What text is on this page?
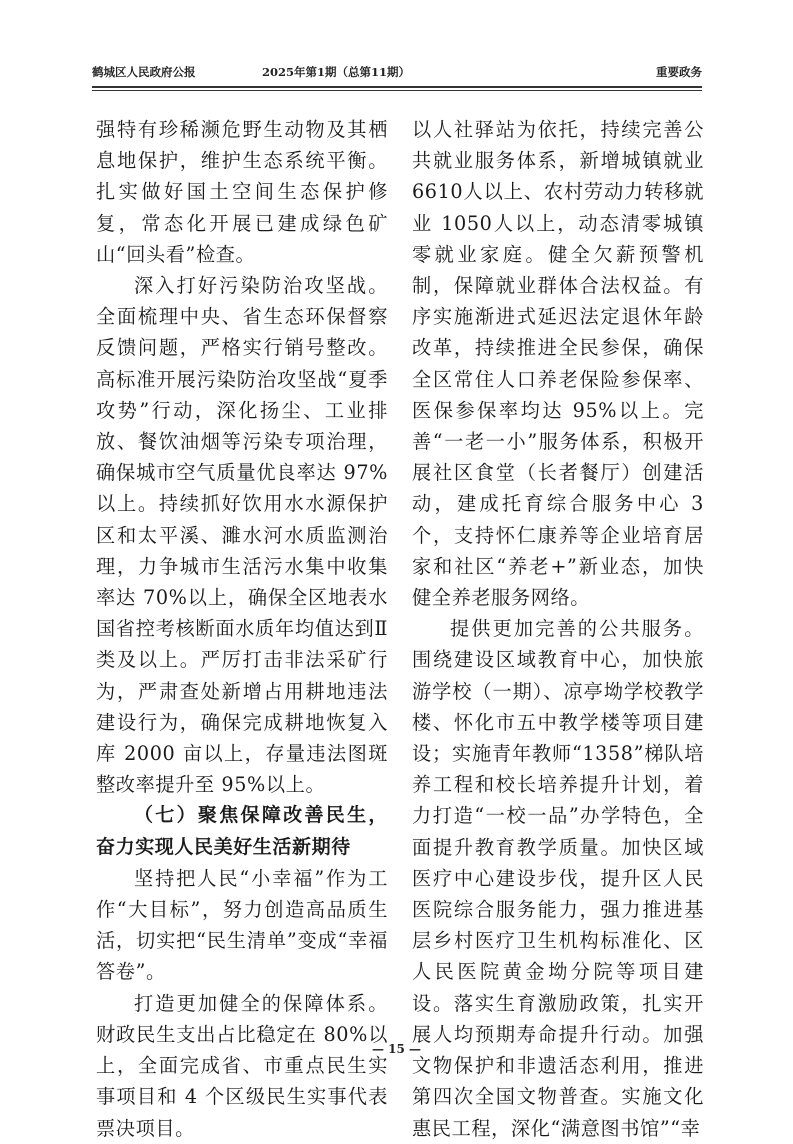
鹤城区人民政府公报	2025年第1期（总第11期）	重要政务

强特有珍稀濒危野生动物及其栖息地保护，维护生态系统平衡。扎实做好国土空间生态保护修复，常态化开展已建成绿色矿山“回头看”检查。

深入打好污染防治攻坚战。全面梳理中央、省生态环保督察反馈问题，严格实行销号整改。高标准开展污染防治攻坚战“夏季攻势”行动，深化扬尘、工业排放、餐饮油烟等污染专项治理，确保城市空气质量优良率达 97%以上。持续抓好饮用水水源保护区和太平溪、濉水河水质监测治理，力争城市生活污水集中收集率达 70%以上，确保全区地表水国省控考核断面水质年均值达到Ⅱ类及以上。严厉打击非法采矿行为，严肃查处新增占用耕地违法建设行为，确保完成耕地恢复入库 2000 亩以上，存量违法图斑整改率提升至 95%以上。

（七）聚焦保障改善民生，奋力实现人民美好生活新期待

坚持把人民“小幸福”作为工作“大目标”，努力创造高品质生活，切实把“民生清单”变成“幸福答卷”。

打造更加健全的保障体系。财政民生支出占比稳定在 80%以上，全面完成省、市重点民生实事项目和 4 个区级民生实事代表票决项目。

以人社驿站为依托，持续完善公共就业服务体系，新增城镇就业 6610人以上、农村劳动力转移就业 1050人以上，动态清零城镇零就业家庭。健全欠薪预警机制，保障就业群体合法权益。有序实施渐进式延迟法定退休年龄改革，持续推进全民参保，确保全区常住人口养老保险参保率、医保参保率均达 95%以上。完善“一老一小”服务体系，积极开展社区食堂（长者餐厅）创建活动，建成托育综合服务中心 3 个，支持怀仁康养等企业培育居家和社区“养老+”新业态，加快健全养老服务网络。

提供更加完善的公共服务。围绕建设区域教育中心，加快旅游学校（一期）、凉亭坳学校教学楼、怀化市五中教学楼等项目建设；实施青年教师“1358”梯队培养工程和校长培养提升计划，着力打造“一校一品”办学特色，全面提升教育教学质量。加快区域医疗中心建设步伐，提升区人民医院综合服务能力，强力推进基层乡村医疗卫生机构标准化、区人民医院黄金坳分院等项目建设。落实生育激励政策，扎实开展人均预期寿命提升行动。加强文物保护和非遗活态利用，推进第四次全国文物普查。实施文化惠民工程，深化“满意图书馆”“幸

— 15 —
